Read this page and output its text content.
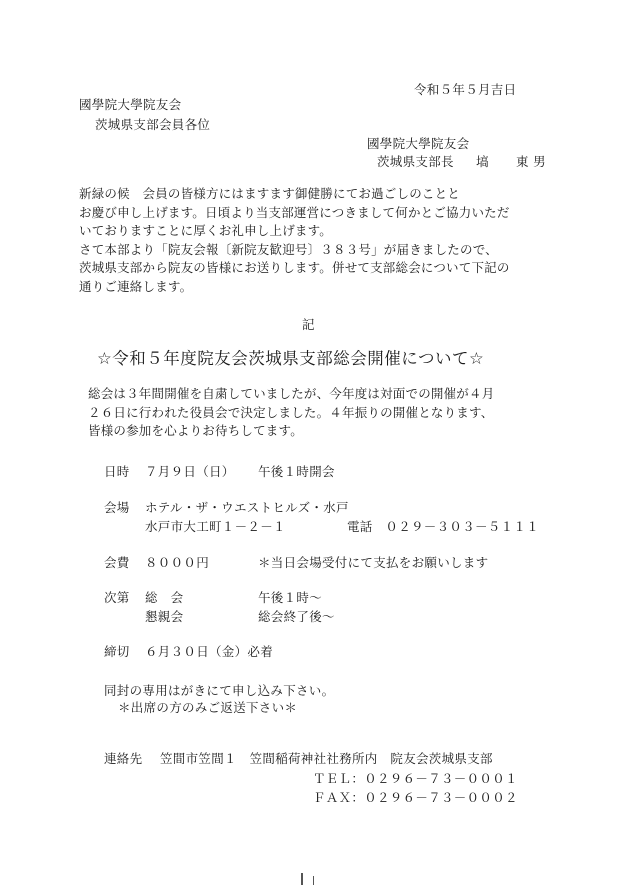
令和５年５月吉日
國學院大學院友会
茨城県支部会員各位
國學院大學院友会
茨城県支部長 塙 東 男
新緑の候　会員の皆様方にはますます御健勝にてお過ごしのことと
お慶び申し上げます。日頃より当支部運営につきまして何かとご協力いただ
いておりますことに厚くお礼申し上げます。
さて本部より「院友会報〔新院友歓迎号〕３８３号」が届きましたので、
茨城県支部から院友の皆様にお送りします。併せて支部総会について下記の
通りご連絡します。
記
☆令和５年度院友会茨城県支部総会開催について☆
総会は３年間開催を自粛していましたが、今年度は対面での開催が４月
２６日に行われた役員会で決定しました。４年振りの開催となります、
皆様の参加を心よりお待ちしてます。
日時 ７月９日（日） 午後１時開会
会場 ホテル・ザ・ウエストヒルズ・水戸
水戸市大工町１－２－１	電話　０２９－３０３－５１１１
会費 ８０００円	＊当日会場受付にて支払をお願いします
次第 総　会	午後１時～
懇親会	総会終了後～
締切 ６月３０日（金）必着
同封の専用はがきにて申し込み下さい。
＊出席の方のみご返送下さい＊
連絡先 笠間市笠間１　笠間稲荷神社社務所内　院友会茨城県支部
ＴＥＬ：０２９６－７３－０００１
ＦＡＸ：０２９６－７３－０００２
